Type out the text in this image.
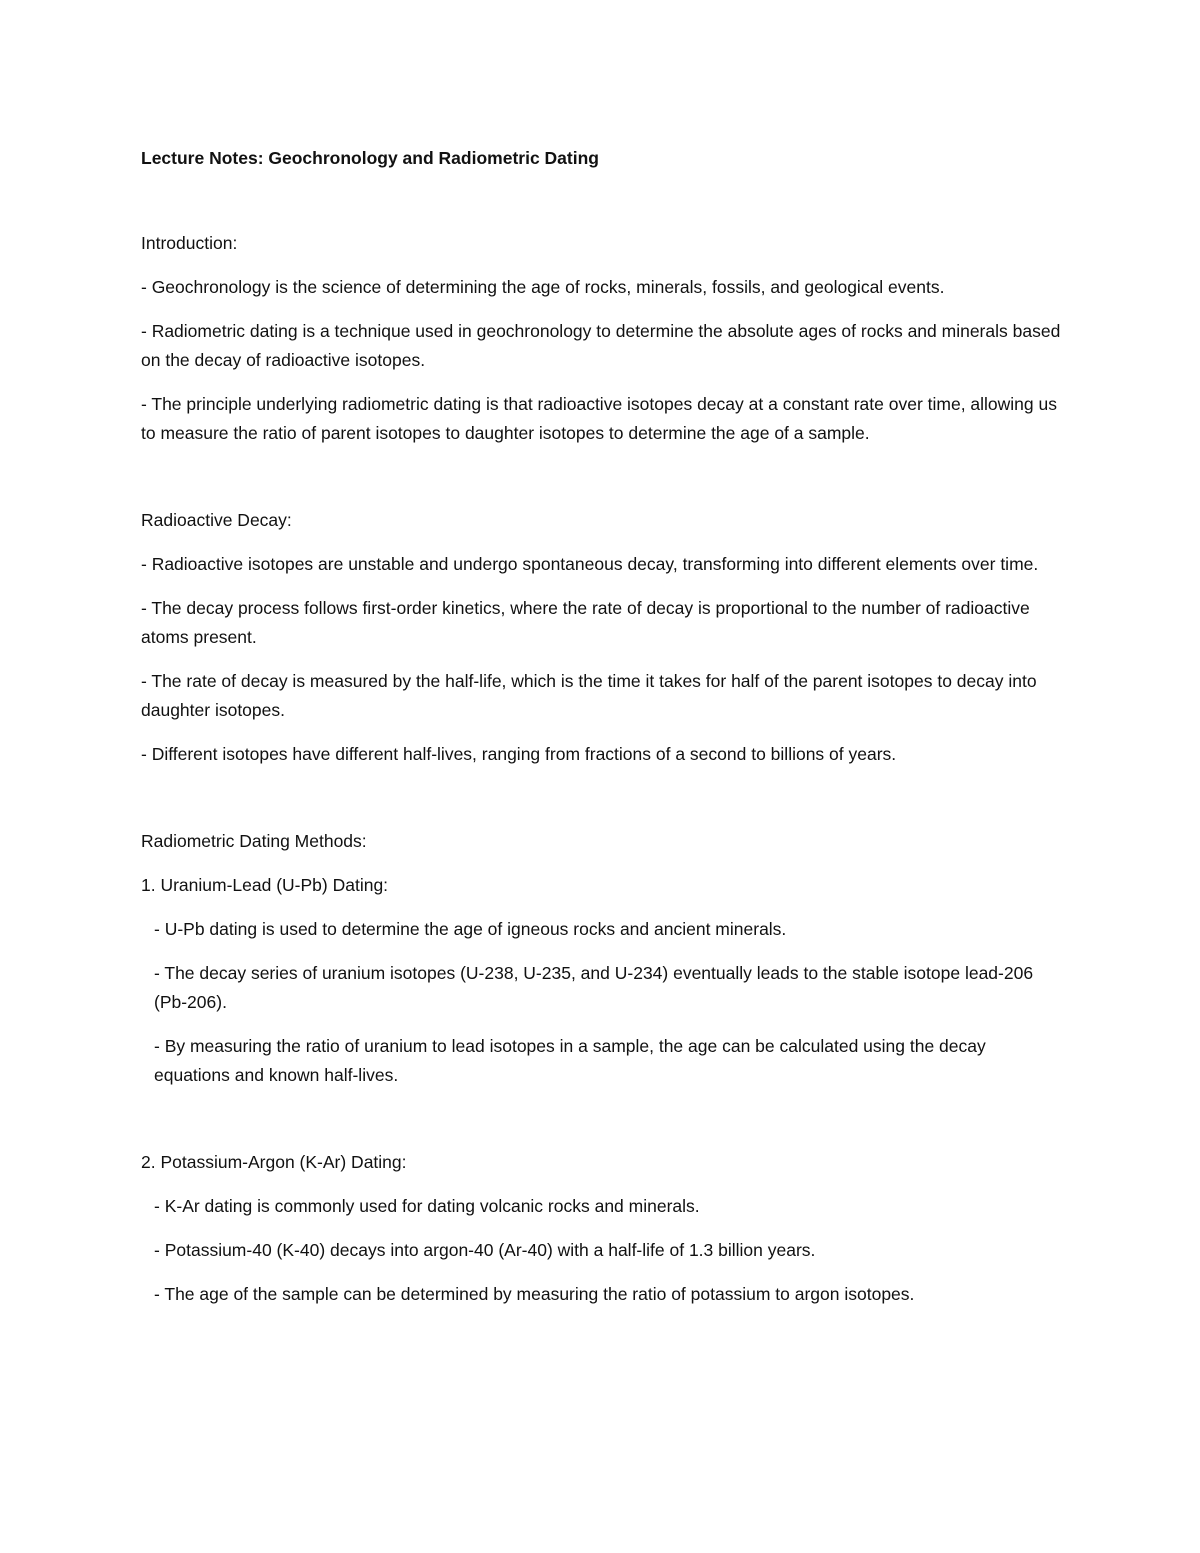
Lecture Notes: Geochronology and Radiometric Dating

Introduction:

- Geochronology is the science of determining the age of rocks, minerals, fossils, and geological events.

- Radiometric dating is a technique used in geochronology to determine the absolute ages of rocks and minerals based on the decay of radioactive isotopes.

- The principle underlying radiometric dating is that radioactive isotopes decay at a constant rate over time, allowing us to measure the ratio of parent isotopes to daughter isotopes to determine the age of a sample.

Radioactive Decay:

- Radioactive isotopes are unstable and undergo spontaneous decay, transforming into different elements over time.

- The decay process follows first-order kinetics, where the rate of decay is proportional to the number of radioactive atoms present.

- The rate of decay is measured by the half-life, which is the time it takes for half of the parent isotopes to decay into daughter isotopes.

- Different isotopes have different half-lives, ranging from fractions of a second to billions of years.

Radiometric Dating Methods:

1. Uranium-Lead (U-Pb) Dating:

- U-Pb dating is used to determine the age of igneous rocks and ancient minerals.

- The decay series of uranium isotopes (U-238, U-235, and U-234) eventually leads to the stable isotope lead-206 (Pb-206).

- By measuring the ratio of uranium to lead isotopes in a sample, the age can be calculated using the decay equations and known half-lives.

2. Potassium-Argon (K-Ar) Dating:

- K-Ar dating is commonly used for dating volcanic rocks and minerals.

- Potassium-40 (K-40) decays into argon-40 (Ar-40) with a half-life of 1.3 billion years.

- The age of the sample can be determined by measuring the ratio of potassium to argon isotopes.
